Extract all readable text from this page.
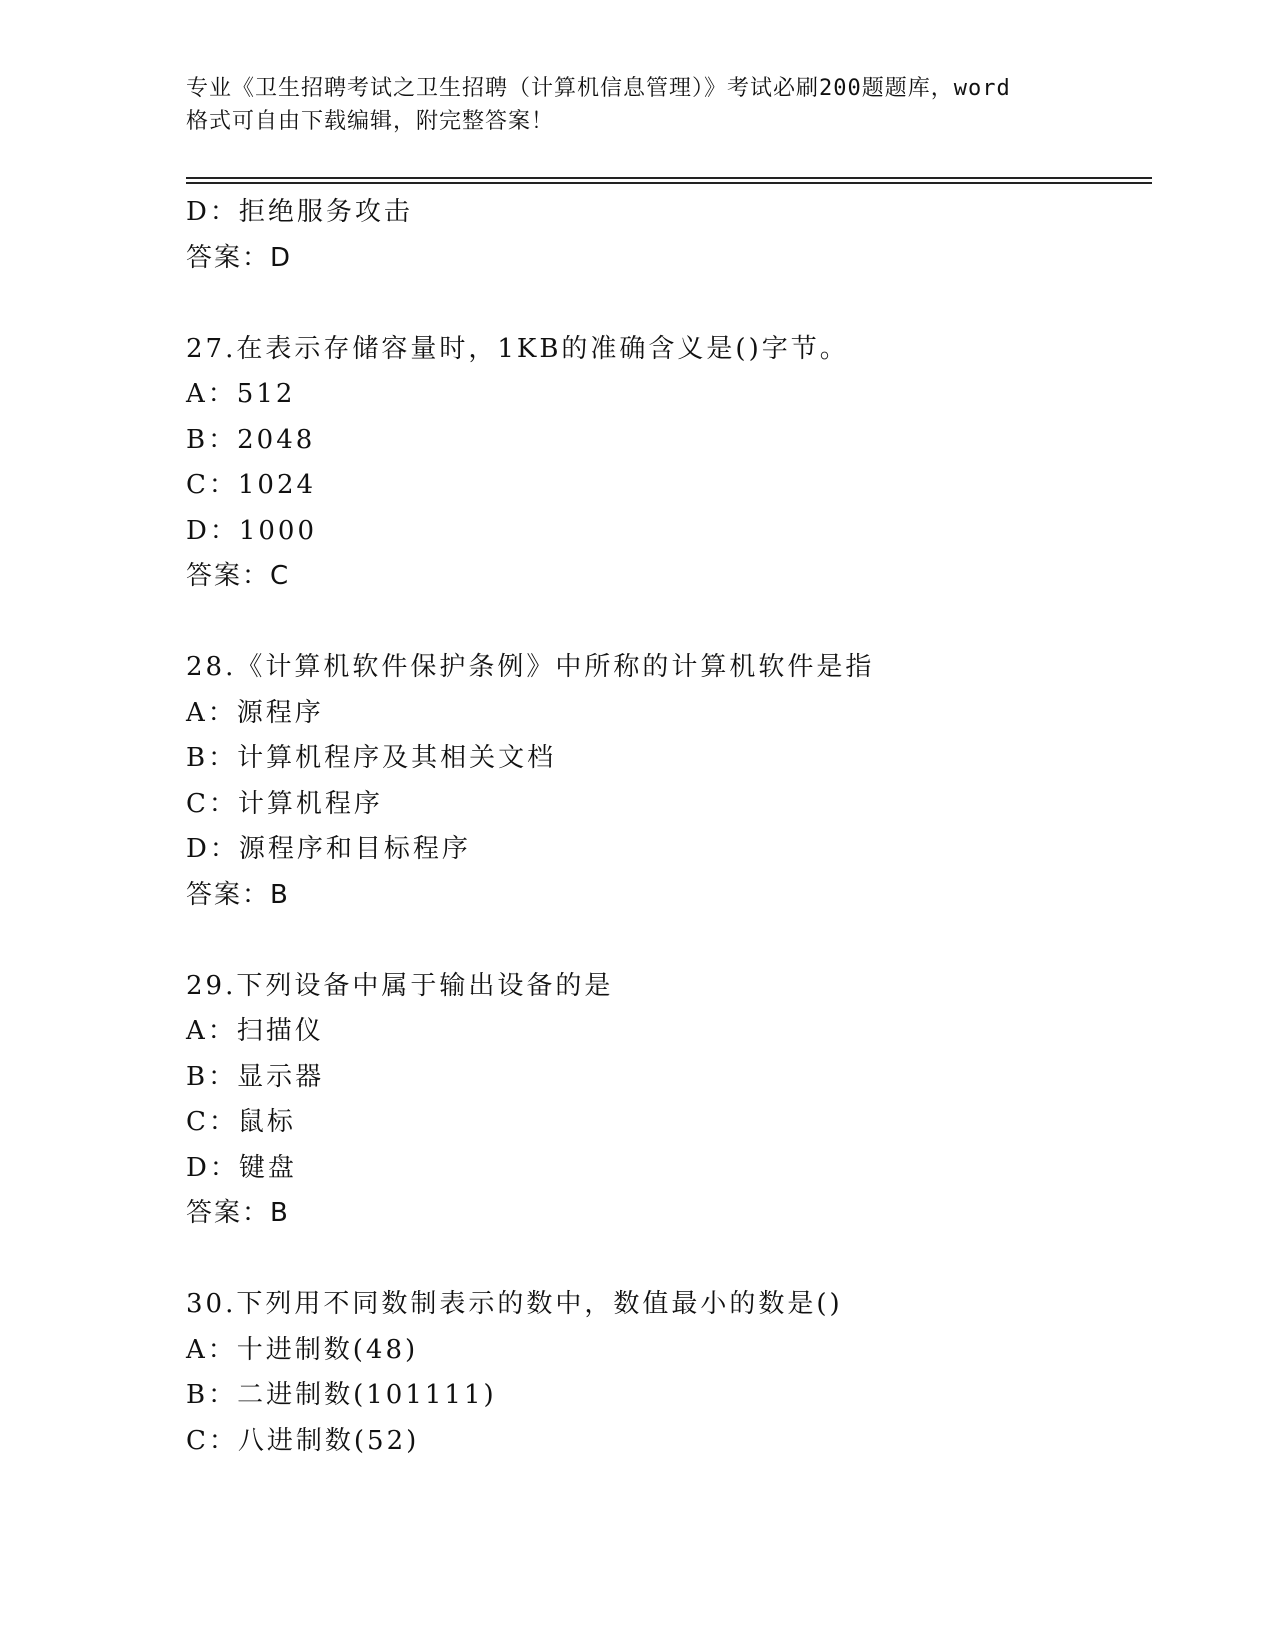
专业《卫生招聘考试之卫生招聘（计算机信息管理）》考试必刷200题题库，word
格式可自由下载编辑，附完整答案！
D：拒绝服务攻击
答案：D
27.在表示存储容量时，1KB的准确含义是()字节。
A：512
B：2048
C：1024
D：1000
答案：C
28.《计算机软件保护条例》中所称的计算机软件是指
A：源程序
B：计算机程序及其相关文档
C：计算机程序
D：源程序和目标程序
答案：B
29.下列设备中属于输出设备的是
A：扫描仪
B：显示器
C：鼠标
D：键盘
答案：B
30.下列用不同数制表示的数中，数值最小的数是()
A：十进制数(48)
B：二进制数(101111)
C：八进制数(52)
